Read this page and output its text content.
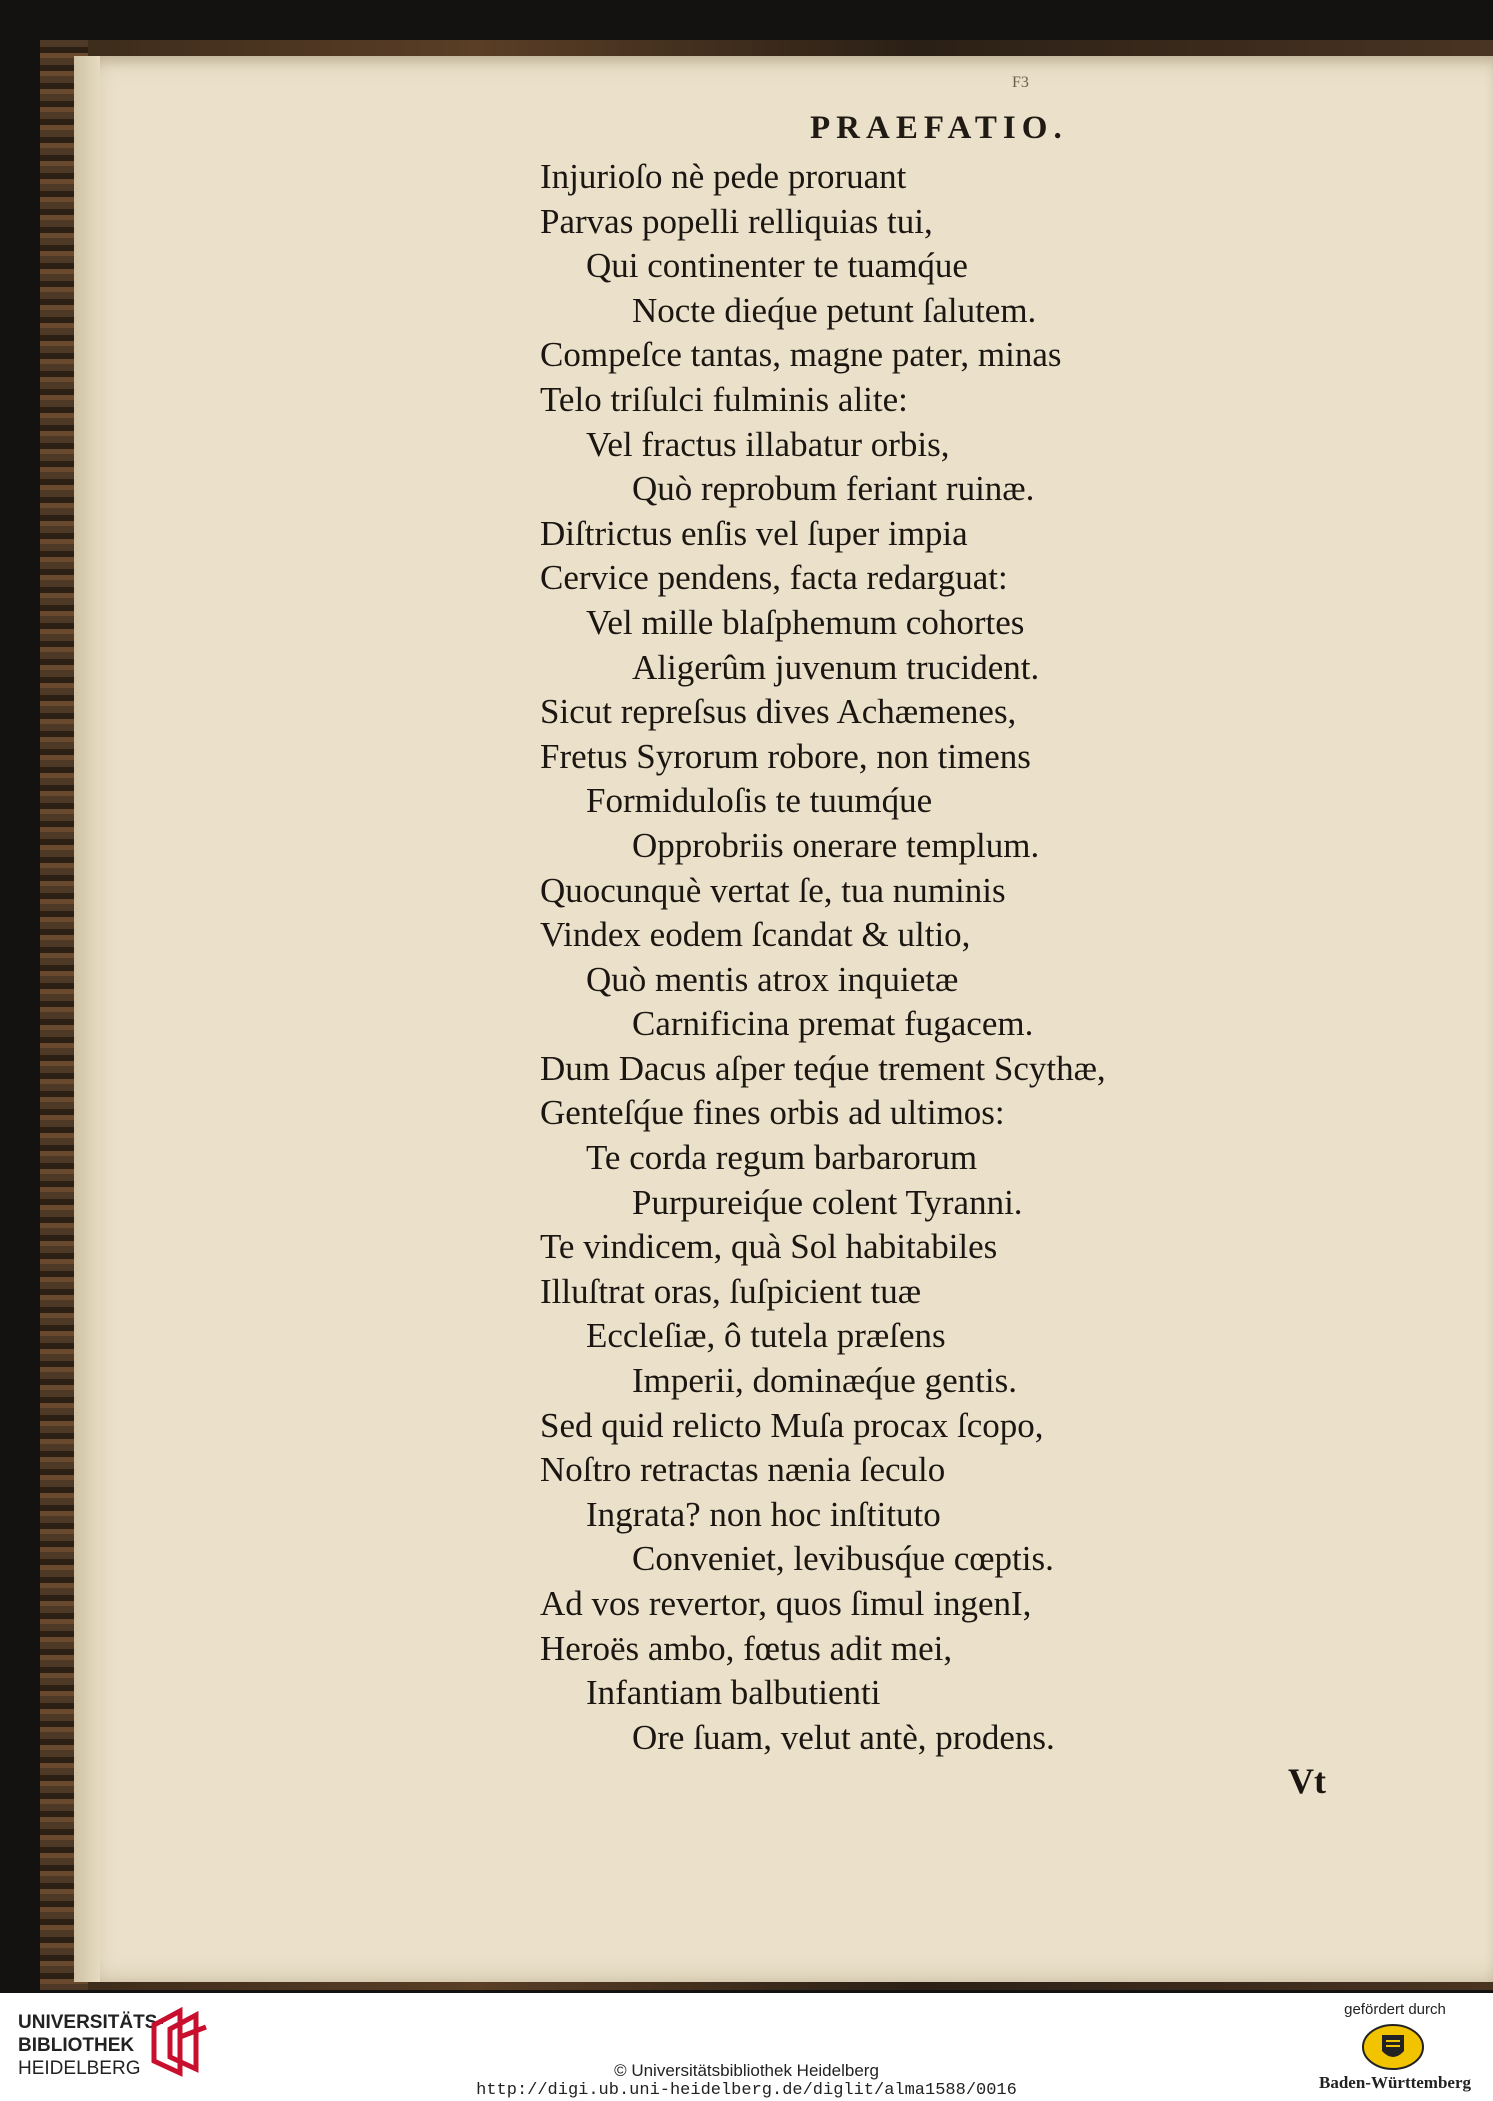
F3
PRAEFATIO.
Injurioſo nè pede proruant
Parvas popelli relliquias tui,
Qui continenter te tuamq́ue
Nocte dieq́ue petunt ſalutem.
Compeſce tantas, magne pater, minas
Telo triſulci fulminis alite:
Vel fractus illabatur orbis,
Quò reprobum feriant ruinæ.
Diſtrictus enſis vel ſuper impia
Cervice pendens, facta redarguat:
Vel mille blaſphemum cohortes
Aligerûm juvenum trucident.
Sicut repreſsus dives Achæmenes,
Fretus Syrorum robore, non timens
Formiduloſis te tuumq́ue
Opprobriis onerare templum.
Quocunquè vertat ſe, tua numinis
Vindex eodem ſcandat & ultio,
Quò mentis atrox inquietæ
Carnificina premat fugacem.
Dum Dacus aſper teq́ue trement Scythæ,
Genteſq́ue fines orbis ad ultimos:
Te corda regum barbarorum
Purpureiq́ue colent Tyranni.
Te vindicem, quà Sol habitabiles
Illuſtrat oras, ſuſpicient tuæ
Eccleſiæ, ô tutela præſens
Imperii, dominæq́ue gentis.
Sed quid relicto Muſa procax ſcopo,
Noſtro retractas nænia ſeculo
Ingrata? non hoc inſtituto
Conveniet, levibusq́ue cœptis.
Ad vos revertor, quos ſimul ingenI,
Heroës ambo, fœtus adit mei,
Infantiam balbutienti
Ore ſuam, velut antè, prodens.
Vt
UNIVERSITÄTS-
BIBLIOTHEK
HEIDELBERG	© Universitätsbibliothek Heidelberg
http://digi.ub.uni-heidelberg.de/diglit/alma1588/0016
gefördert durch
Baden-Württemberg
